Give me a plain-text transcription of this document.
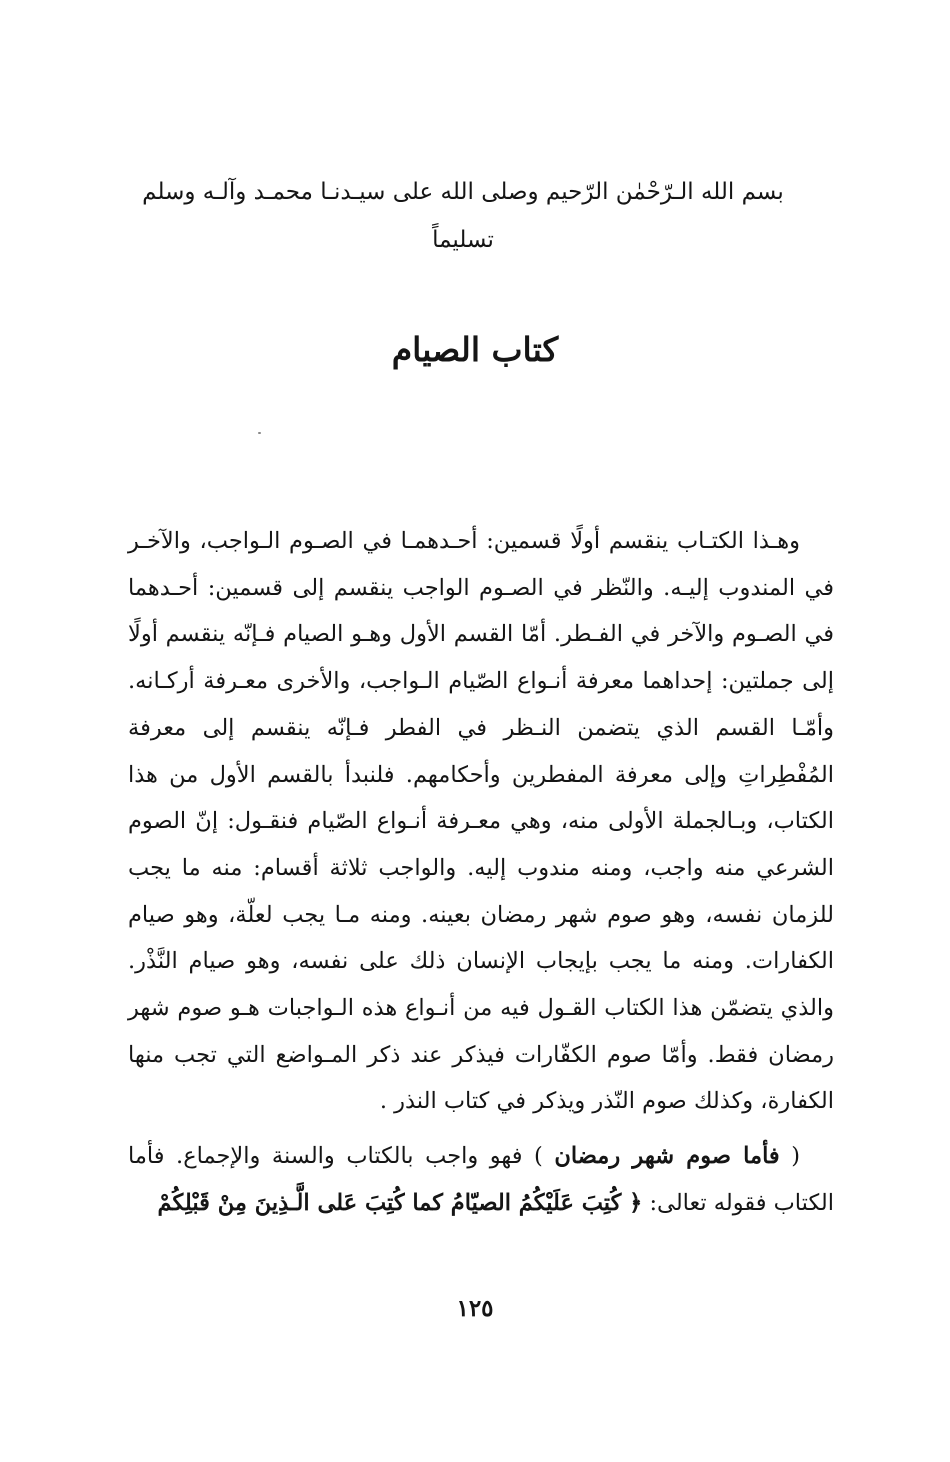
بسم الله الـرّحْمٰن الرّحيم وصلى الله على سيـدنـا محمـد وآلـه وسلم تسليماً
كتاب الصيام

وهـذا الكتـاب ينقسم أولًا قسمين: أحـدهمـا في الصـوم الـواجب، والآخـر في المندوب إليـه. والنّظر في الصـوم الواجب ينقسم إلى قسمين: أحـدهما في الصـوم والآخر في الفـطر. أمّا القسم الأول وهـو الصيام فـإنّه ينقسم أولًا إلى جملتين: إحداهما معرفة أنـواع الصّيام الـواجب، والأخرى معـرفة أركـانه. وأمّـا القسم الذي يتضمن النـظر في الفطر فـإنّه ينقسم إلى معرفة المُفْطِراتِ وإلى معرفة المفطرين وأحكامهم. فلنبدأ بالقسم الأول من هذا الكتاب، وبـالجملة الأولى منه، وهي معـرفة أنـواع الصّيام فنقـول: إنّ الصوم الشرعي منه واجب، ومنه مندوب إليه. والواجب ثلاثة أقسام: منه ما يجب للزمان نفسه، وهو صوم شهر رمضان بعينه. ومنه مـا يجب لعلّة، وهو صيام الكفارات. ومنه ما يجب بإيجاب الإنسان ذلك على نفسه، وهو صيام النَّذْر. والذي يتضمّن هذا الكتاب القـول فيه من أنـواع هذه الـواجبات هـو صوم شهر رمضان فقط. وأمّا صوم الكفّارات فيذكر عند ذكر المـواضع التي تجب منها الكفارة، وكذلك صوم النّذر ويذكر في كتاب النذر .

( فأما صوم شهر رمضان ) فهو واجب بالكتاب والسنة والإجماع. فأما الكتاب فقوله تعالى: ﴿ كُتِبَ عَلَيْكُمُ الصيّامُ كما كُتِبَ عَلى الَّـذِينَ مِنْ قَبْلِكُمْ

١٢٥
